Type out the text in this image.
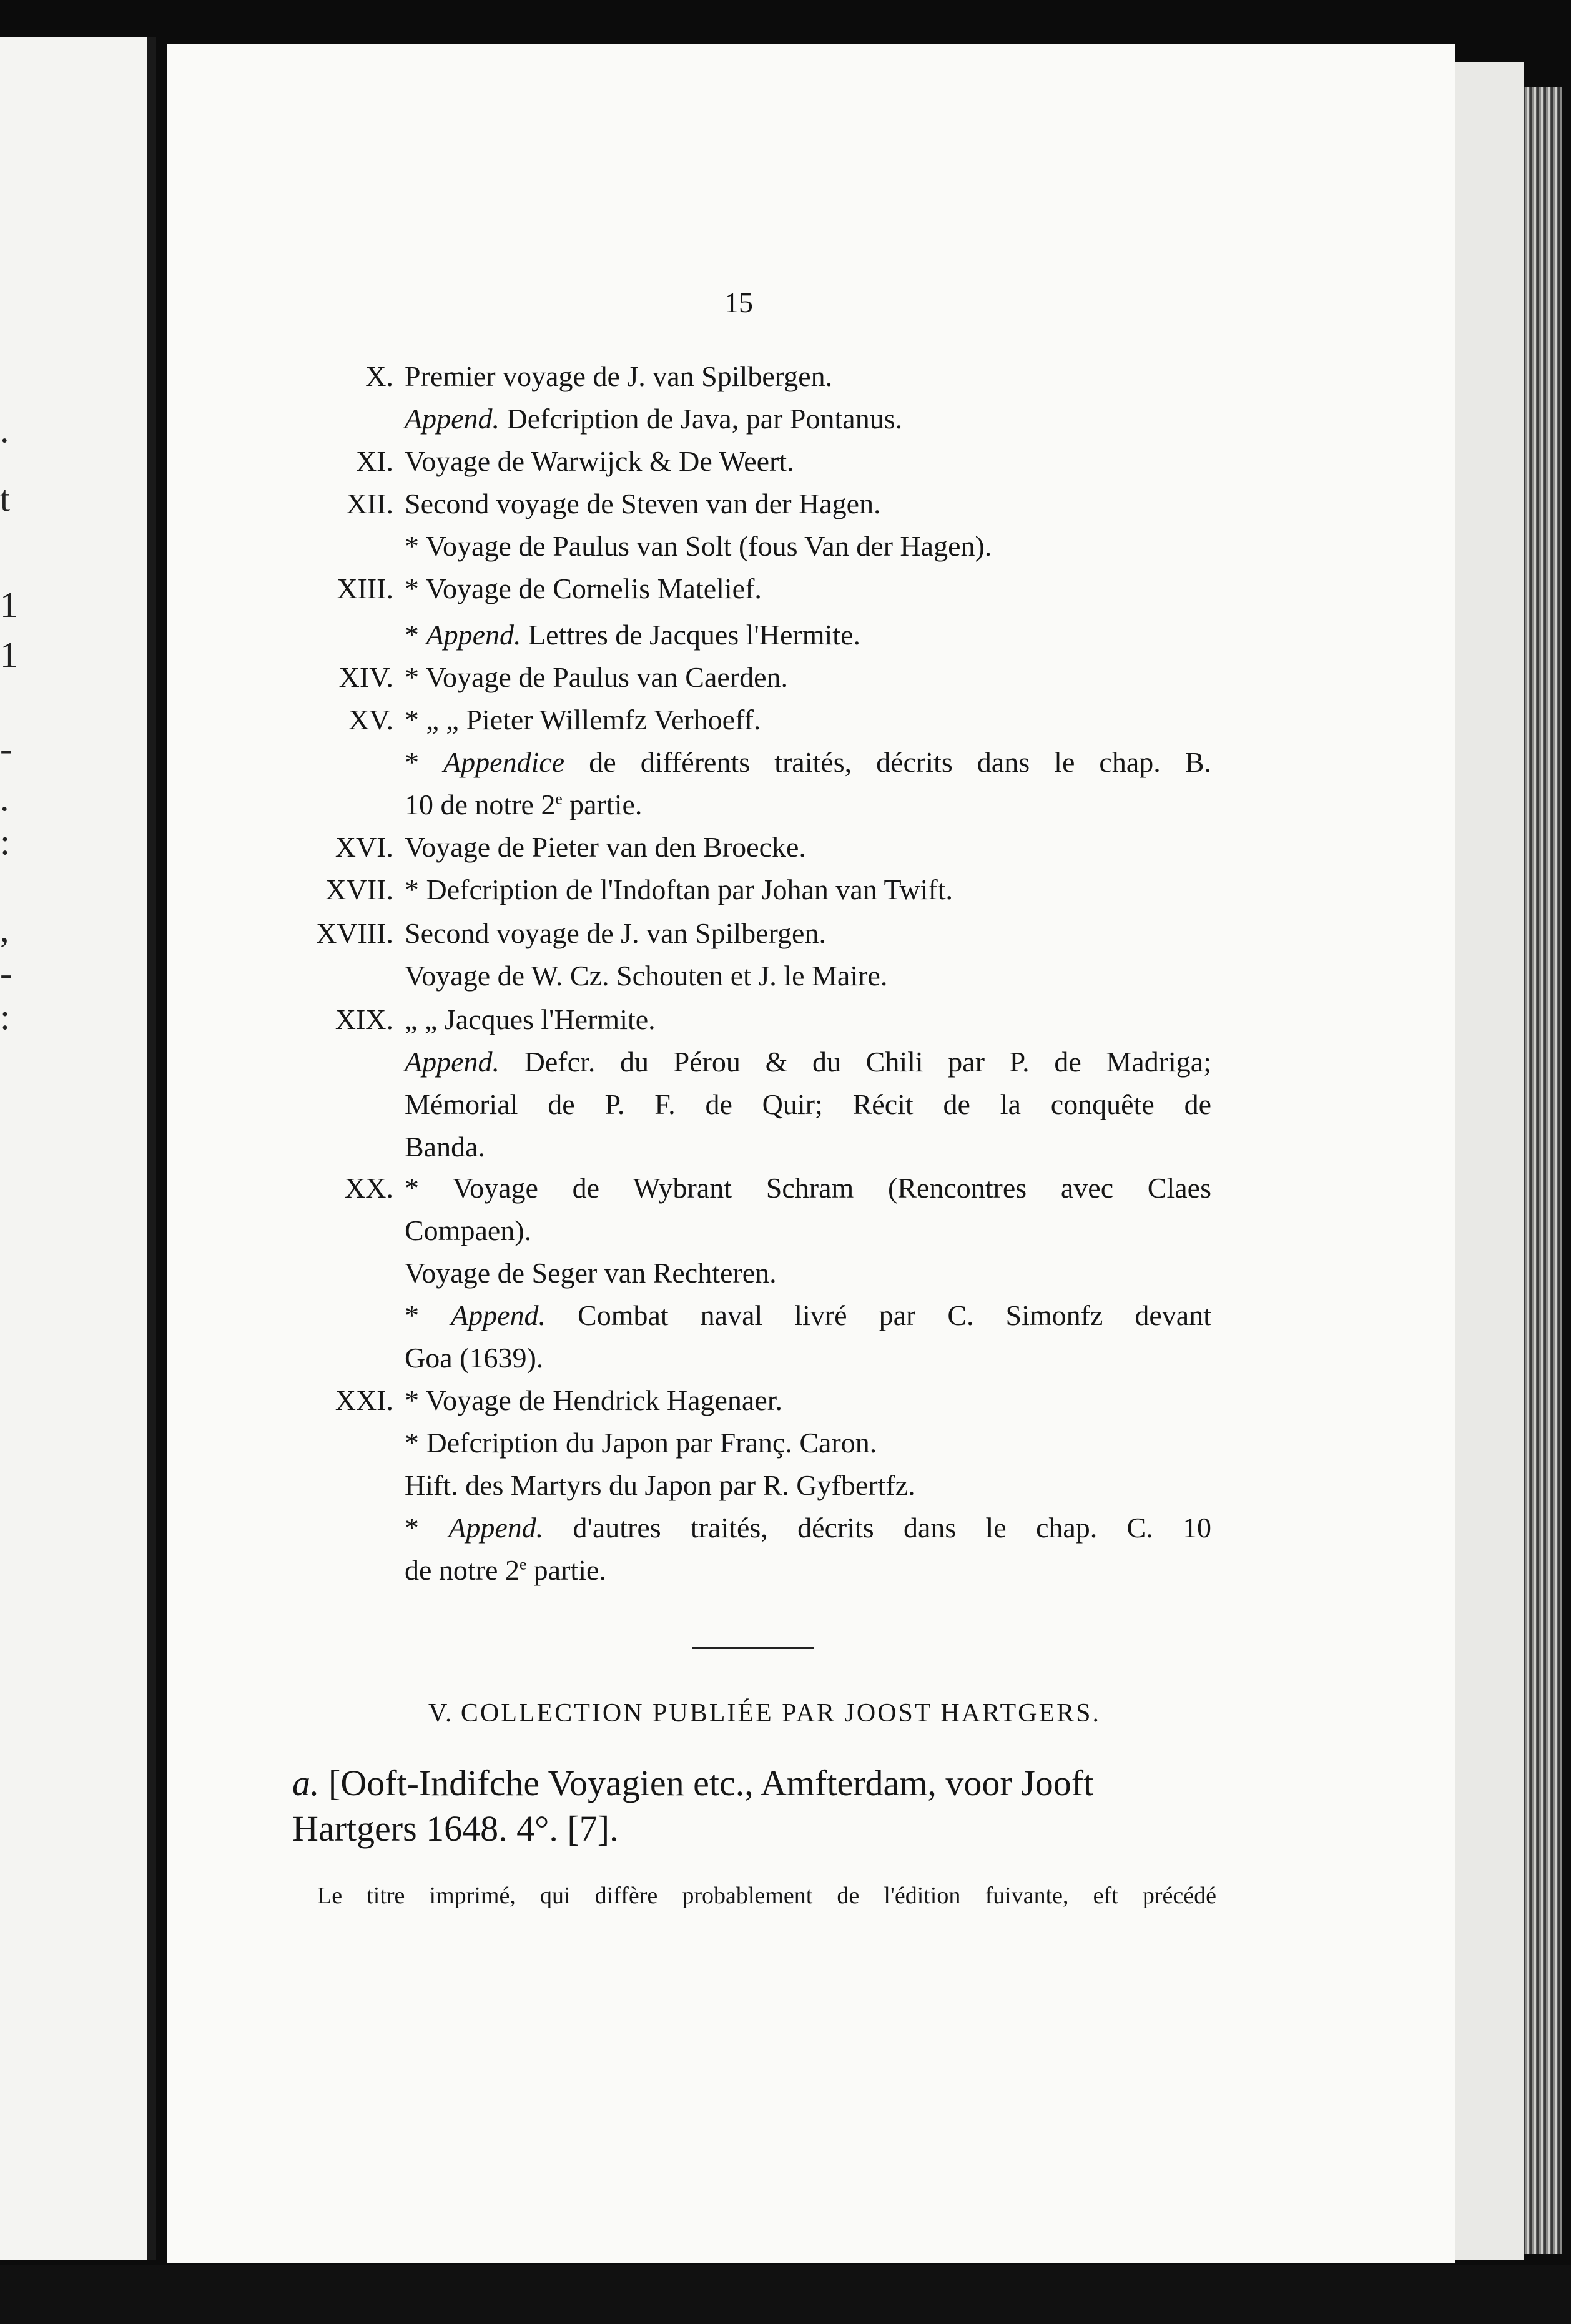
.
t
1
1
-
.
:
,
-
:
15
X. Premier voyage de J. van Spilbergen.
Append. Defcription de Java, par Pontanus.
XI. Voyage de Warwijck & De Weert.
XII. Second voyage de Steven van der Hagen.
* Voyage de Paulus van Solt (fous Van der Hagen).
XIII. * Voyage de Cornelis Matelief.
* Append. Lettres de Jacques l'Hermite.
XIV. * Voyage de Paulus van Caerden.
XV. * „ „ Pieter Willemfz Verhoeff.
* Appendice de différents traités, décrits dans le chap. B.
10 de notre 2e partie.
XVI. Voyage de Pieter van den Broecke.
XVII. * Defcription de l'Indoftan par Johan van Twift.
XVIII. Second voyage de J. van Spilbergen.
Voyage de W. Cz. Schouten et J. le Maire.
XIX. „ „ Jacques l'Hermite.
Append. Defcr. du Pérou & du Chili par P. de Madriga;
Mémorial de P. F. de Quir; Récit de la conquête de
Banda.
XX. * Voyage de Wybrant Schram (Rencontres avec Claes
Compaen).
Voyage de Seger van Rechteren.
* Append. Combat naval livré par C. Simonfz devant
Goa (1639).
XXI. * Voyage de Hendrick Hagenaer.
* Defcription du Japon par Franç. Caron.
Hift. des Martyrs du Japon par R. Gyfbertfz.
* Append. d'autres traités, décrits dans le chap. C. 10
de notre 2e partie.
V. COLLECTION PUBLIÉE PAR JOOST HARTGERS.
a. [Ooft-Indifche Voyagien etc., Amfterdam, voor Jooft
Hartgers 1648. 4°. [7].
Le titre imprimé, qui diffère probablement de l'édition fuivante, eft précédé
